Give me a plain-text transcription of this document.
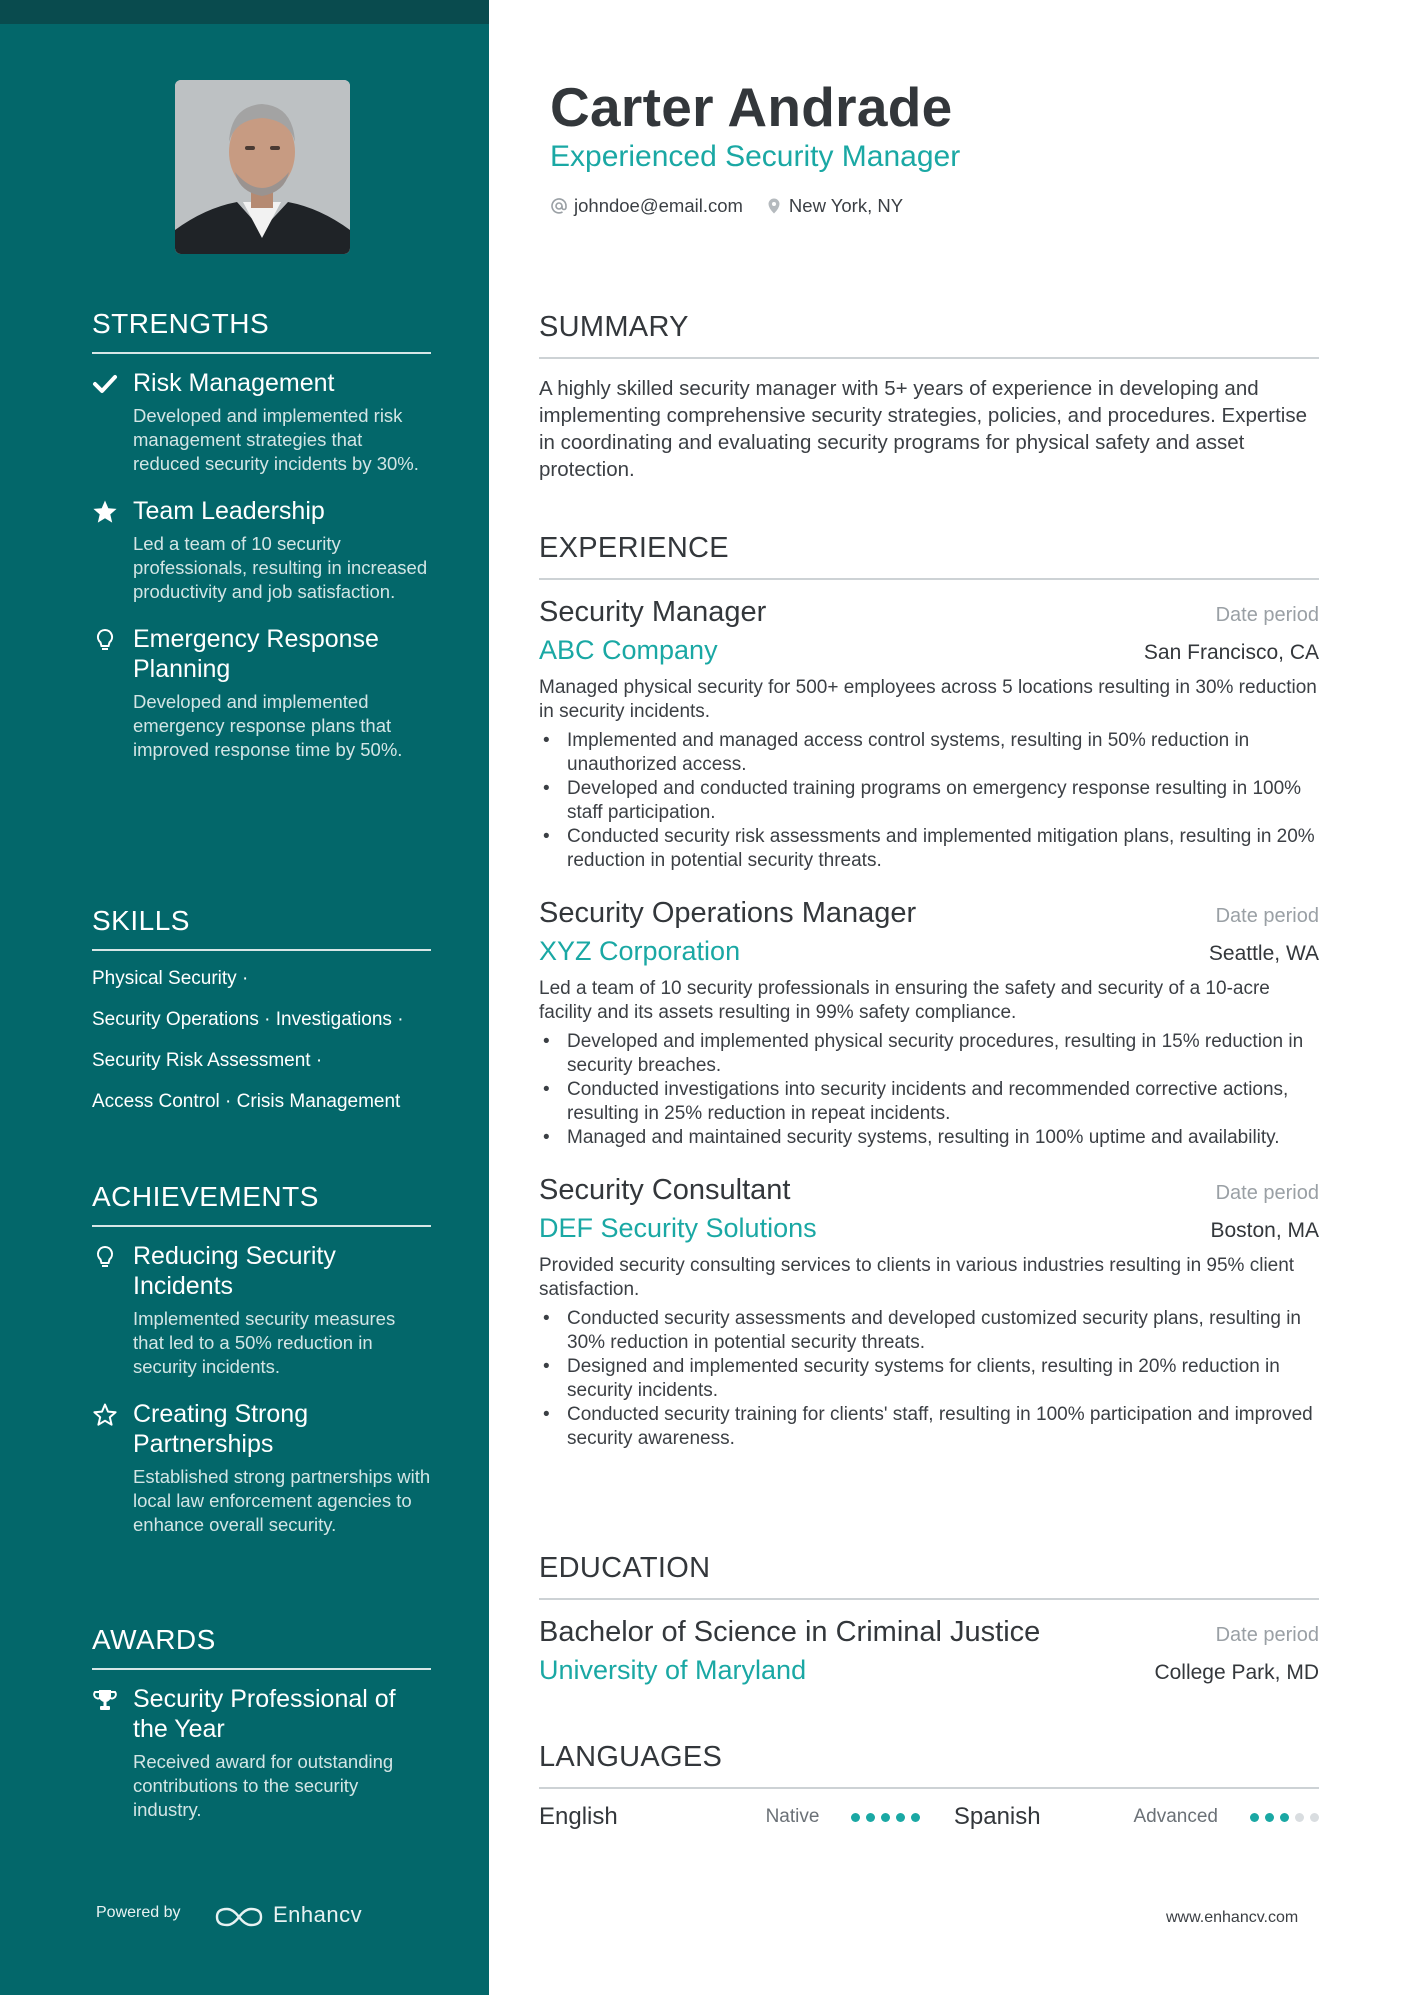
STRENGTHS
Risk Management
Developed and implemented risk management strategies that reduced security incidents by 30%.
Team Leadership
Led a team of 10 security professionals, resulting in increased productivity and job satisfaction.
Emergency Response Planning
Developed and implemented emergency response plans that improved response time by 50%.
SKILLS
Physical Security ·
Security Operations · Investigations ·
Security Risk Assessment ·
Access Control · Crisis Management
ACHIEVEMENTS
Reducing Security Incidents
Implemented security measures that led to a 50% reduction in security incidents.
Creating Strong Partnerships
Established strong partnerships with local law enforcement agencies to enhance overall security.
AWARDS
Security Professional of the Year
Received award for outstanding contributions to the security industry.
Powered by	Enhancv
Carter Andrade
Experienced Security Manager
johndoe@email.com New York, NY
SUMMARY
A highly skilled security manager with 5+ years of experience in developing and implementing comprehensive security strategies, policies, and procedures. Expertise in coordinating and evaluating security programs for physical safety and asset protection.
EXPERIENCE
Security Manager	Date period
ABC Company	San Francisco, CA
Managed physical security for 500+ employees across 5 locations resulting in 30% reduction in security incidents.
• Implemented and managed access control systems, resulting in 50% reduction in unauthorized access.
• Developed and conducted training programs on emergency response resulting in 100% staff participation.
• Conducted security risk assessments and implemented mitigation plans, resulting in 20% reduction in potential security threats.
Security Operations Manager	Date period
XYZ Corporation	Seattle, WA
Led a team of 10 security professionals in ensuring the safety and security of a 10-acre facility and its assets resulting in 99% safety compliance.
• Developed and implemented physical security procedures, resulting in 15% reduction in security breaches.
• Conducted investigations into security incidents and recommended corrective actions, resulting in 25% reduction in repeat incidents.
• Managed and maintained security systems, resulting in 100% uptime and availability.
Security Consultant	Date period
DEF Security Solutions	Boston, MA
Provided security consulting services to clients in various industries resulting in 95% client satisfaction.
• Conducted security assessments and developed customized security plans, resulting in 30% reduction in potential security threats.
• Designed and implemented security systems for clients, resulting in 20% reduction in security incidents.
• Conducted security training for clients' staff, resulting in 100% participation and improved security awareness.
EDUCATION
Bachelor of Science in Criminal Justice	Date period
University of Maryland	College Park, MD
LANGUAGES
English	Native	Spanish	Advanced
www.enhancv.com
